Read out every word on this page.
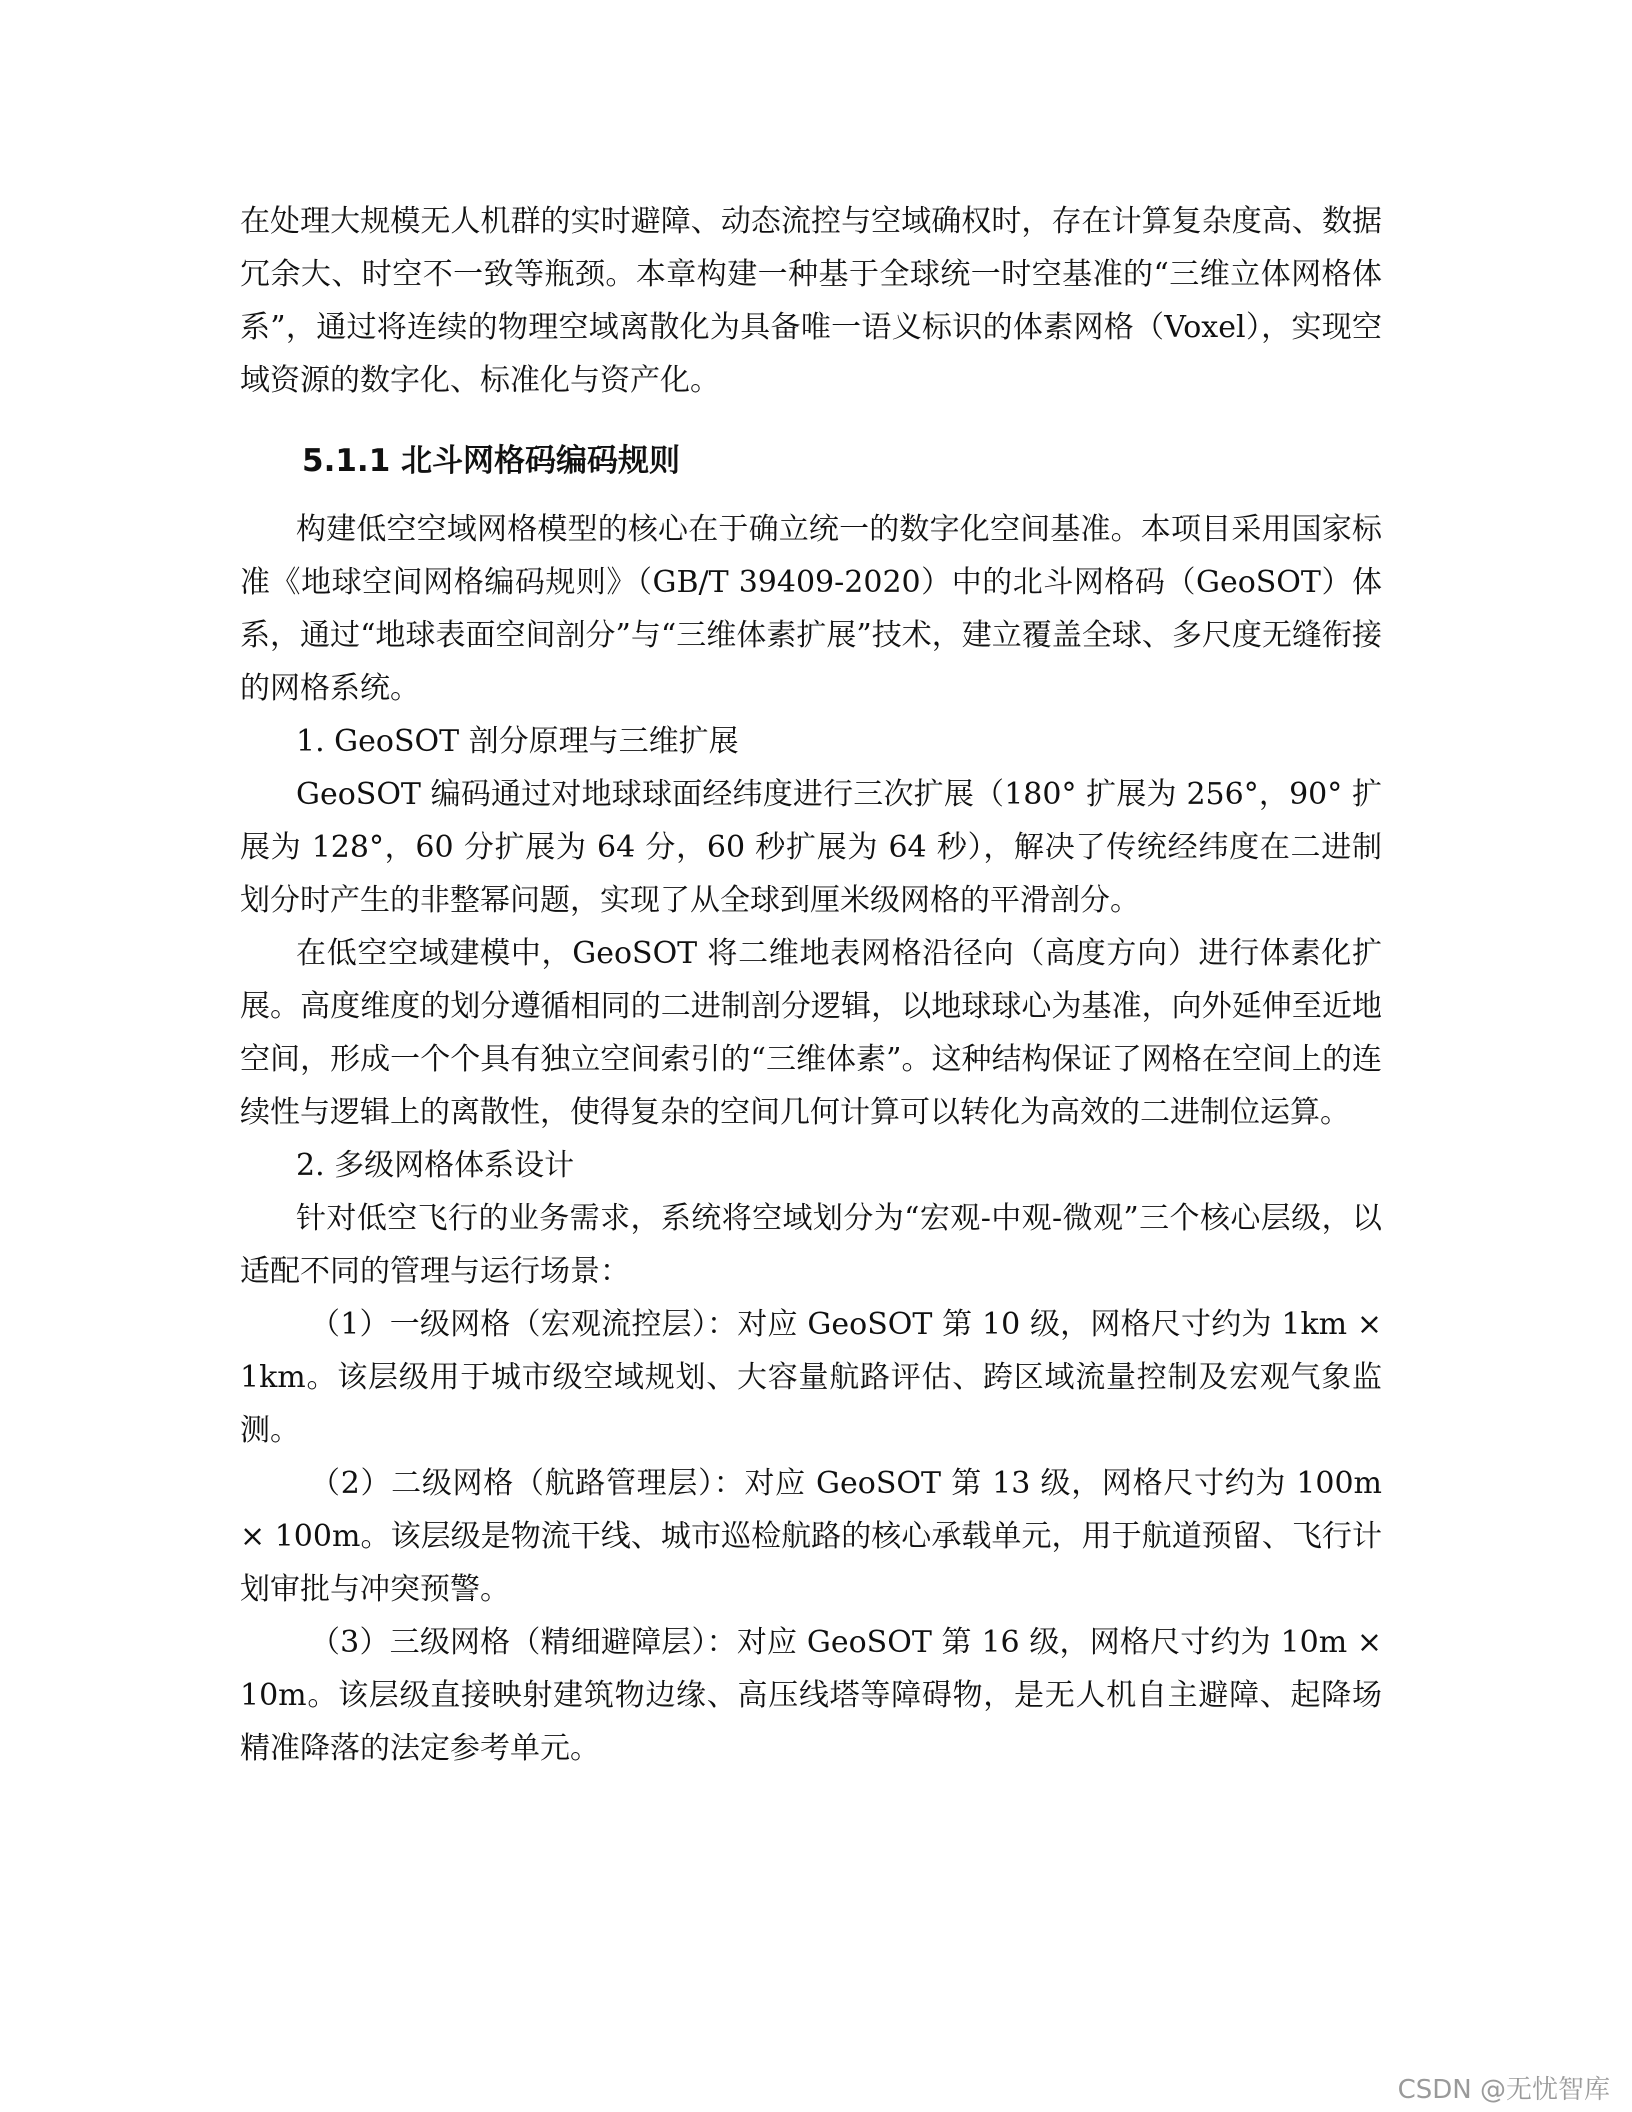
在处理大规模无人机群的实时避障、动态流控与空域确权时，存在计算复杂度高、数据冗余大、时空不一致等瓶颈。本章构建一种基于全球统一时空基准的“三维立体网格体系”，通过将连续的物理空域离散化为具备唯一语义标识的体素网格（Voxel），实现空域资源的数字化、标准化与资产化。

5.1.1 北斗网格码编码规则

构建低空空域网格模型的核心在于确立统一的数字化空间基准。本项目采用国家标准《地球空间网格编码规则》（GB/T 39409-2020）中的北斗网格码（GeoSOT）体系，通过“地球表面空间剖分”与“三维体素扩展”技术，建立覆盖全球、多尺度无缝衔接的网格系统。

1. GeoSOT 剖分原理与三维扩展

GeoSOT 编码通过对地球球面经纬度进行三次扩展（180° 扩展为 256°，90° 扩展为 128°，60 分扩展为 64 分，60 秒扩展为 64 秒），解决了传统经纬度在二进制划分时产生的非整幂问题，实现了从全球到厘米级网格的平滑剖分。

在低空空域建模中，GeoSOT 将二维地表网格沿径向（高度方向）进行体素化扩展。高度维度的划分遵循相同的二进制剖分逻辑，以地球球心为基准，向外延伸至近地空间，形成一个个具有独立空间索引的“三维体素”。这种结构保证了网格在空间上的连续性与逻辑上的离散性，使得复杂的空间几何计算可以转化为高效的二进制位运算。

2. 多级网格体系设计

针对低空飞行的业务需求，系统将空域划分为“宏观-中观-微观”三个核心层级，以适配不同的管理与运行场景：

（1）一级网格（宏观流控层）：对应 GeoSOT 第 10 级，网格尺寸约为 1km × 1km。该层级用于城市级空域规划、大容量航路评估、跨区域流量控制及宏观气象监测。

（2）二级网格（航路管理层）：对应 GeoSOT 第 13 级，网格尺寸约为 100m × 100m。该层级是物流干线、城市巡检航路的核心承载单元，用于航道预留、飞行计划审批与冲突预警。

（3）三级网格（精细避障层）：对应 GeoSOT 第 16 级，网格尺寸约为 10m × 10m。该层级直接映射建筑物边缘、高压线塔等障碍物，是无人机自主避障、起降场精准降落的法定参考单元。

CSDN @无忧智库
